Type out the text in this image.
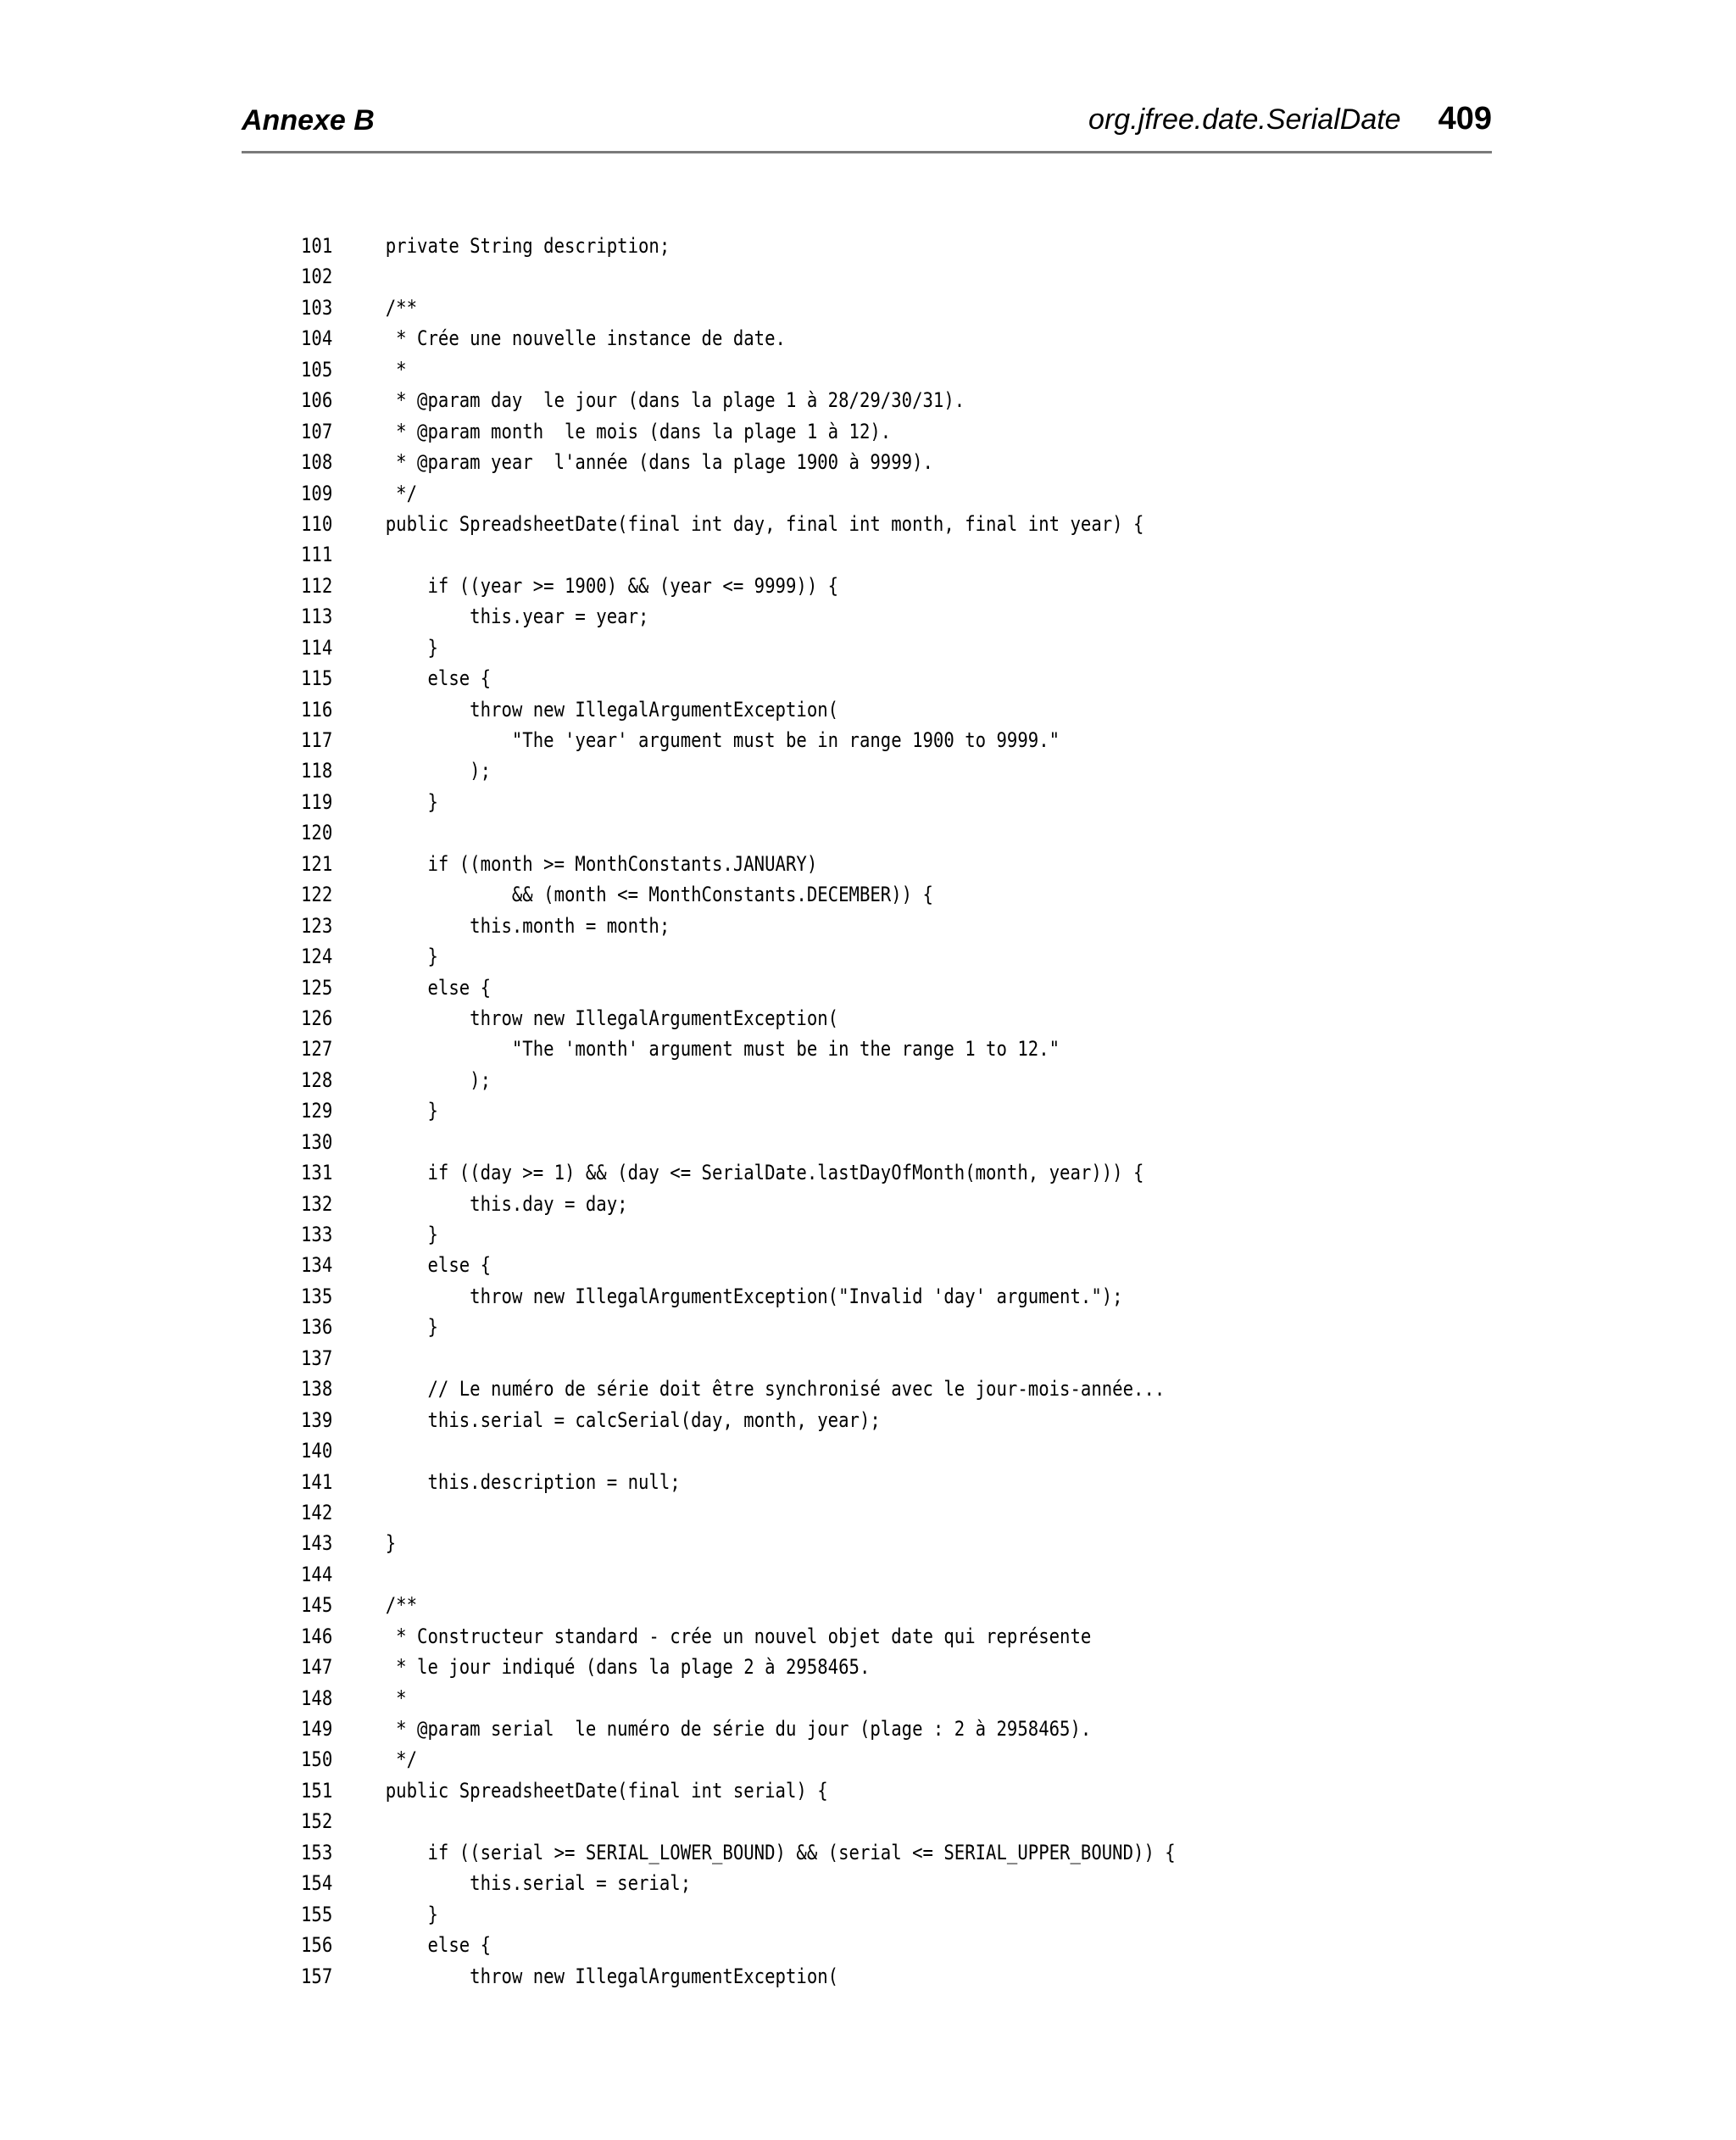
Annexe B	org.jfree.date.SerialDate 409
101	private String description;
102
103	/**
104	* Crée une nouvelle instance de date.
105	*
106	* @param day  le jour (dans la plage 1 à 28/29/30/31).
107	* @param month  le mois (dans la plage 1 à 12).
108	* @param year  l'année (dans la plage 1900 à 9999).
109	*/
110	public SpreadsheetDate(final int day, final int month, final int year) {
111
112	if ((year >= 1900) && (year <= 9999)) {
113	this.year = year;
114	}
115	else {
116	throw new IllegalArgumentException(
117	"The 'year' argument must be in range 1900 to 9999."
118	);
119	}
120
121	if ((month >= MonthConstants.JANUARY)
122	&& (month <= MonthConstants.DECEMBER)) {
123	this.month = month;
124	}
125	else {
126	throw new IllegalArgumentException(
127	"The 'month' argument must be in the range 1 to 12."
128	);
129	}
130
131	if ((day >= 1) && (day <= SerialDate.lastDayOfMonth(month, year))) {
132	this.day = day;
133	}
134	else {
135	throw new IllegalArgumentException("Invalid 'day' argument.");
136	}
137
138	// Le numéro de série doit être synchronisé avec le jour-mois-année...
139	this.serial = calcSerial(day, month, year);
140
141	this.description = null;
142
143	}
144
145	/**
146	* Constructeur standard - crée un nouvel objet date qui représente
147	* le jour indiqué (dans la plage 2 à 2958465.
148	*
149	* @param serial  le numéro de série du jour (plage : 2 à 2958465).
150	*/
151	public SpreadsheetDate(final int serial) {
152
153	if ((serial >= SERIAL_LOWER_BOUND) && (serial <= SERIAL_UPPER_BOUND)) {
154	this.serial = serial;
155	}
156	else {
157	throw new IllegalArgumentException(
